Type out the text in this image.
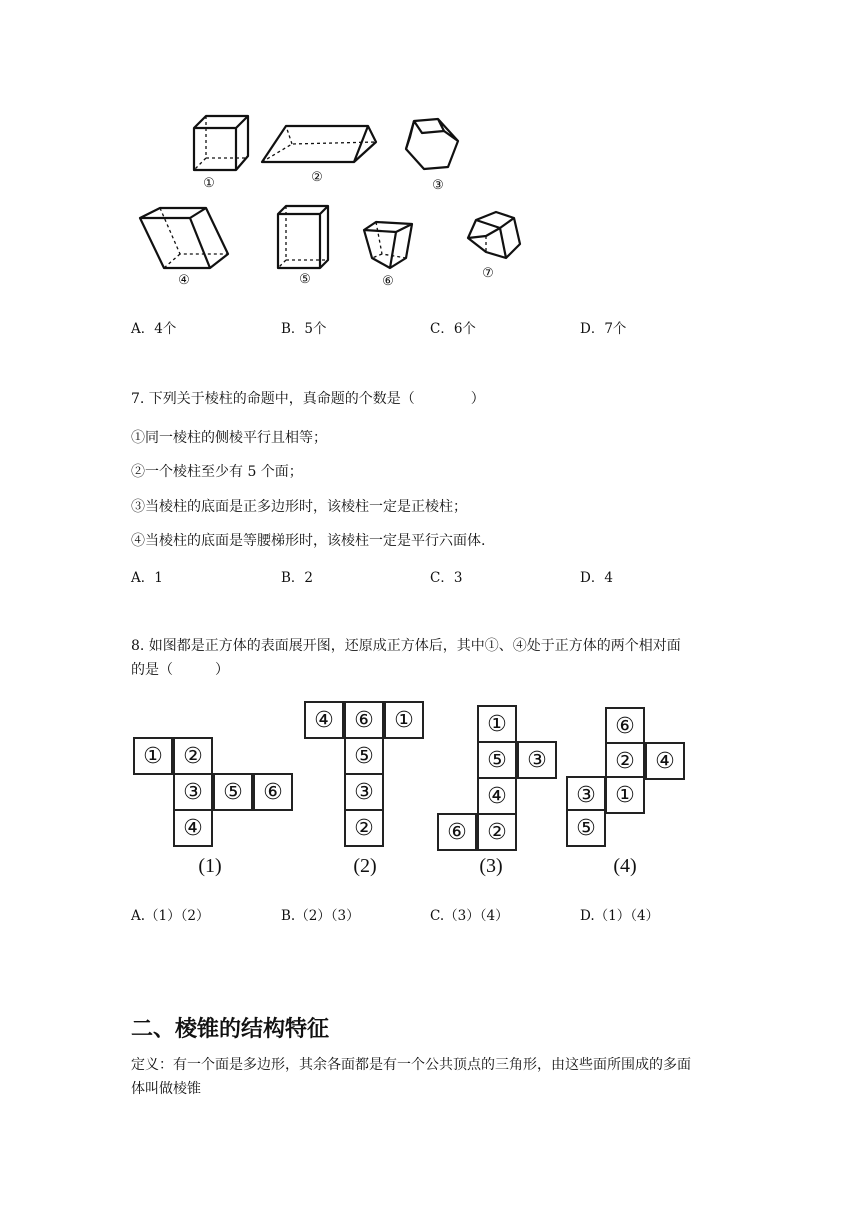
①	②
③
④	⑤	⑥
⑦
A．4个	B．5个	C．6个	D．7个
7. 下列关于棱柱的命题中，真命题的个数是（　　　　）
①同一棱柱的侧棱平行且相等；
②一个棱柱至少有 5 个面；
③当棱柱的底面是正多边形时，该棱柱一定是正棱柱；
④当棱柱的底面是等腰梯形时，该棱柱一定是平行六面体.
A．1	B．2	C．3	D．4
8. 如图都是正方体的表面展开图，还原成正方体后，其中①、④处于正方体的两个相对面
的是（　　　）
① ②
③ ⑤ ⑥
④
(1)
④ ⑥ ①
⑤
③
②
(2)
①
⑤ ③
④
⑥ ②
(3)
⑥
② ④
③ ①
⑤
(4)
A.（1）（2）	B.（2）（3）	C.（3）（4）	D.（1）（4）
二、棱锥的结构特征
定义：有一个面是多边形，其余各面都是有一个公共顶点的三角形，由这些面所围成的多面
体叫做棱锥
